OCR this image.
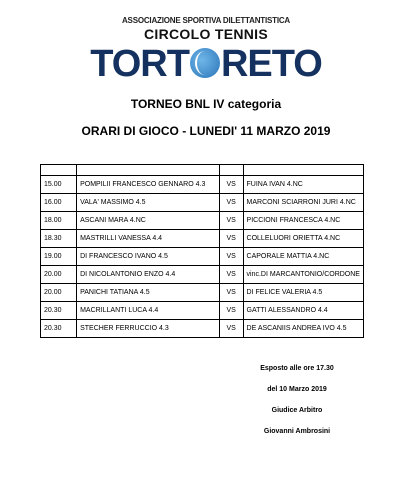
ASSOCIAZIONE SPORTIVA DILETTANTISTICA
CIRCOLO TENNIS
TORT RETO
TORNEO BNL IV categoria
ORARI DI GIOCO - LUNEDI' 11 MARZO 2019

15.00	POMPILII FRANCESCO GENNARO 4.3	VS	FUINA IVAN 4.NC
16.00	VALA' MASSIMO 4.5	VS	MARCONI SCIARRONI JURI 4.NC
18.00	ASCANI MARA 4.NC	VS	PICCIONI FRANCESCA 4.NC
18.30	MASTRILLI VANESSA 4.4	VS	COLLELUORI ORIETTA 4.NC
19.00	DI FRANCESCO IVANO 4.5	VS	CAPORALE MATTIA 4.NC
20.00	DI NICOLANTONIO ENZO 4.4	VS	vinc.DI MARCANTONIO/CORDONE
20.00	PANICHI TATIANA 4.5	VS	DI FELICE VALERIA 4.5
20.30	MACRILLANTI LUCA 4.4	VS	GATTI ALESSANDRO 4.4
20.30	STECHER FERRUCCIO 4.3	VS	DE ASCANIIS ANDREA IVO 4.5
Esposto alle ore 17.30
del 10 Marzo 2019
Giudice Arbitro
Giovanni Ambrosini
